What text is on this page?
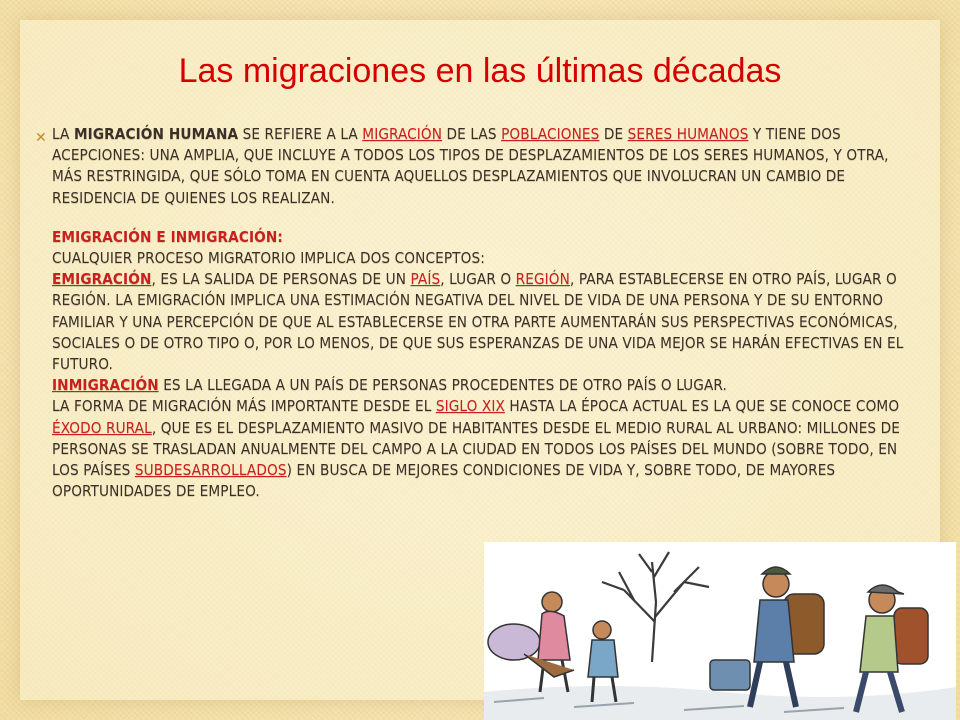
Las migraciones en las últimas décadas
✕ LA MIGRACIÓN HUMANA SE REFIERE A LA MIGRACIÓN DE LAS POBLACIONES DE SERES HUMANOS Y TIENE DOS ACEPCIONES: UNA AMPLIA, QUE INCLUYE A TODOS LOS TIPOS DE DESPLAZAMIENTOS DE LOS SERES HUMANOS, Y OTRA, MÁS RESTRINGIDA, QUE SÓLO TOMA EN CUENTA AQUELLOS DESPLAZAMIENTOS QUE INVOLUCRAN UN CAMBIO DE RESIDENCIA DE QUIENES LOS REALIZAN.

EMIGRACIÓN E INMIGRACIÓN:

CUALQUIER PROCESO MIGRATORIO IMPLICA DOS CONCEPTOS:

EMIGRACIÓN, ES LA SALIDA DE PERSONAS DE UN PAÍS, LUGAR O REGIÓN, PARA ESTABLECERSE EN OTRO PAÍS, LUGAR O REGIÓN. LA EMIGRACIÓN IMPLICA UNA ESTIMACIÓN NEGATIVA DEL NIVEL DE VIDA DE UNA PERSONA Y DE SU ENTORNO FAMILIAR Y UNA PERCEPCIÓN DE QUE AL ESTABLECERSE EN OTRA PARTE AUMENTARÁN SUS PERSPECTIVAS ECONÓMICAS, SOCIALES O DE OTRO TIPO O, POR LO MENOS, DE QUE SUS ESPERANZAS DE UNA VIDA MEJOR SE HARÁN EFECTIVAS EN EL FUTURO.

INMIGRACIÓN ES LA LLEGADA A UN PAÍS DE PERSONAS PROCEDENTES DE OTRO PAÍS O LUGAR.

LA FORMA DE MIGRACIÓN MÁS IMPORTANTE DESDE EL SIGLO XIX HASTA LA ÉPOCA ACTUAL ES LA QUE SE CONOCE COMO ÉXODO RURAL, QUE ES EL DESPLAZAMIENTO MASIVO DE HABITANTES DESDE EL MEDIO RURAL AL URBANO: MILLONES DE PERSONAS SE TRASLADAN ANUALMENTE DEL CAMPO A LA CIUDAD EN TODOS LOS PAÍSES DEL MUNDO (SOBRE TODO, EN LOS PAÍSES SUBDESARROLLADOS) EN BUSCA DE MEJORES CONDICIONES DE VIDA Y, SOBRE TODO, DE MAYORES OPORTUNIDADES DE EMPLEO.
